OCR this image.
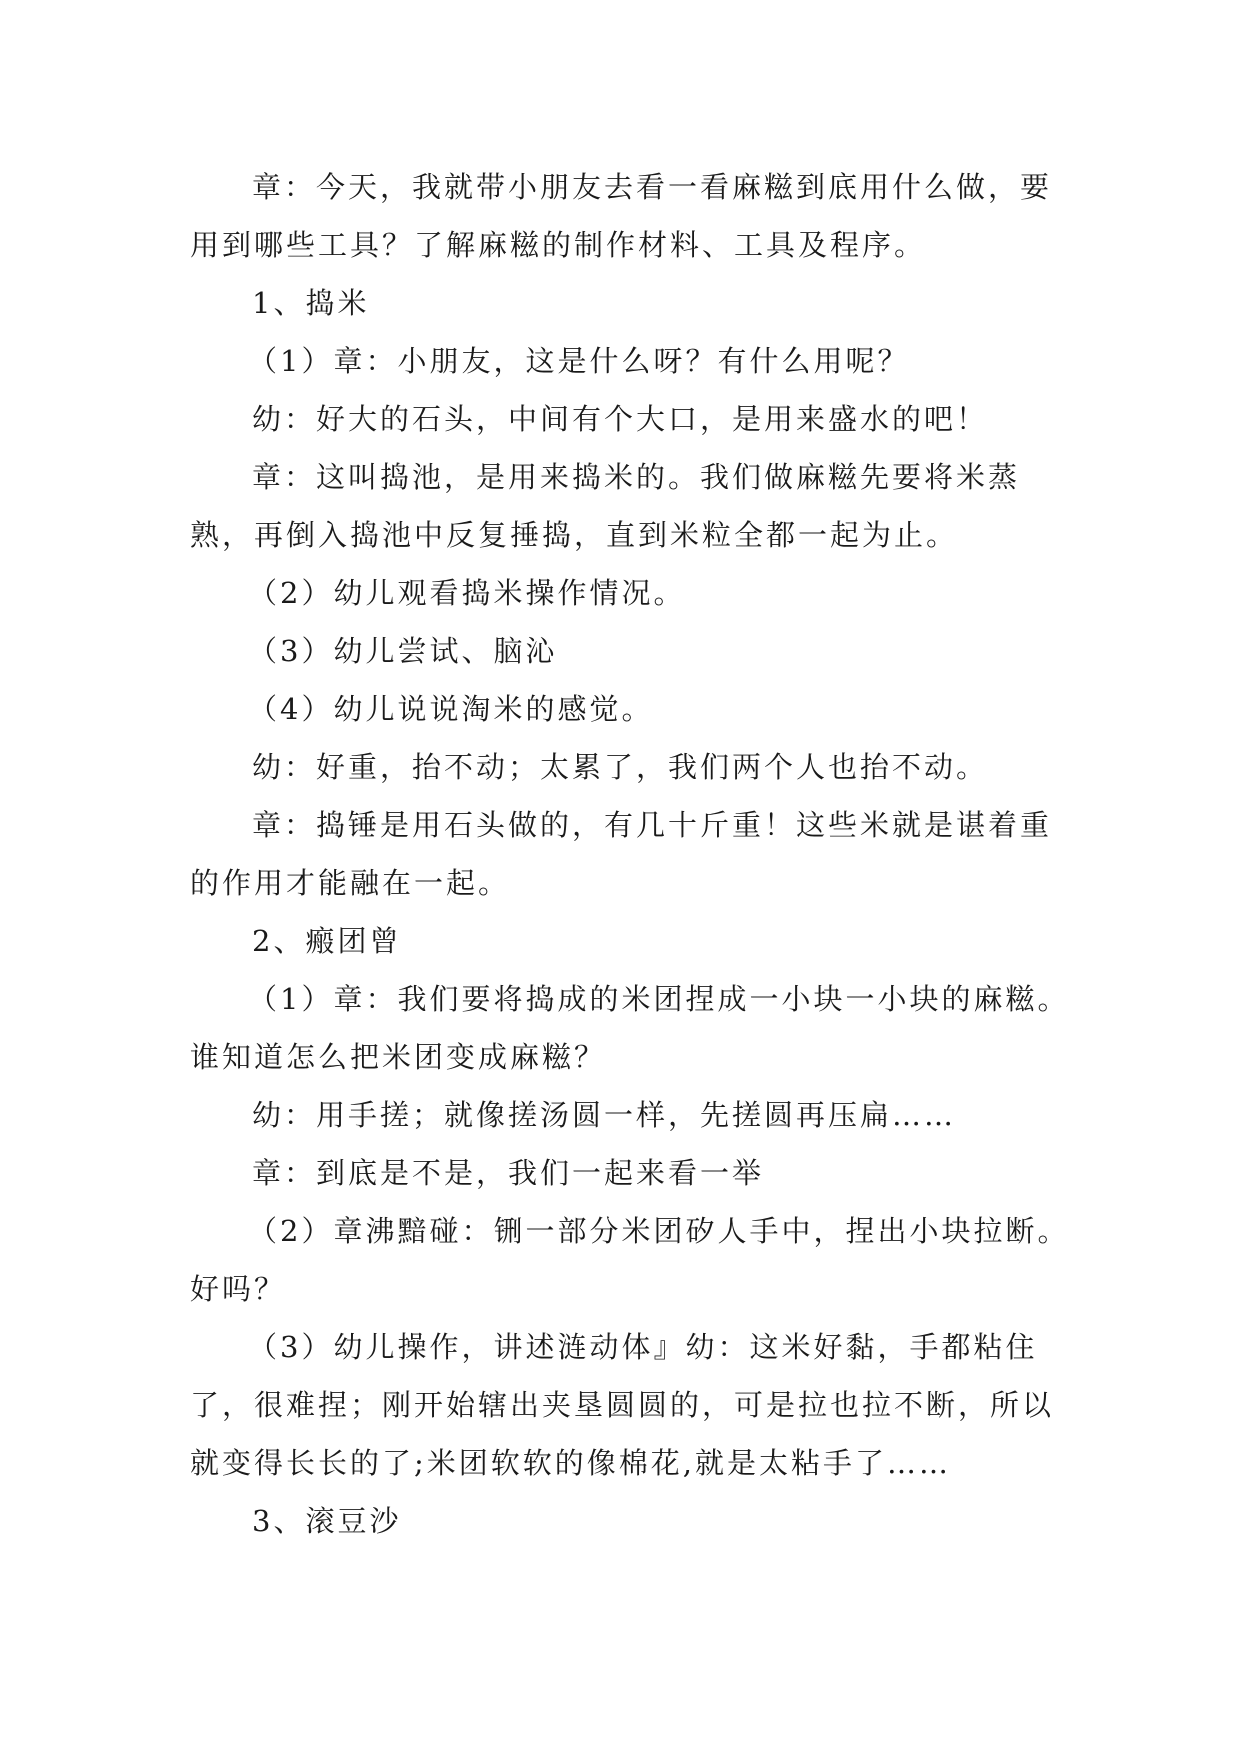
章：今天，我就带小朋友去看一看麻糍到底用什么做，要用到哪些工具？了解麻糍的制作材料、工具及程序。

1、捣米

（1）章：小朋友，这是什么呀？有什么用呢？

幼：好大的石头，中间有个大口，是用来盛水的吧！

章：这叫捣池，是用来捣米的。我们做麻糍先要将米蒸熟，再倒入捣池中反复捶捣，直到米粒全都一起为止。

（2）幼儿观看捣米操作情况。

（3）幼儿尝试、脑沁

（4）幼儿说说淘米的感觉。

幼：好重，抬不动；太累了，我们两个人也抬不动。

章：捣锤是用石头做的，有几十斤重！这些米就是谌着重的作用才能融在一起。

2、瘢团曾

（1）章：我们要将捣成的米团捏成一小块一小块的麻糍。谁知道怎么把米团变成麻糍？

幼：用手搓；就像搓汤圆一样，先搓圆再压扁……

章：到底是不是，我们一起来看一举

（2）章沸黯碰：铏一部分米团矽人手中，捏出小块拉断。好吗？

（3）幼儿操作，讲述涟动体』幼：这米好黏，手都粘住了，很难捏；刚开始辖出夹垦圆圆的，可是拉也拉不断，所以就变得长长的了;米团软软的像棉花,就是太粘手了……

3、滚豆沙
